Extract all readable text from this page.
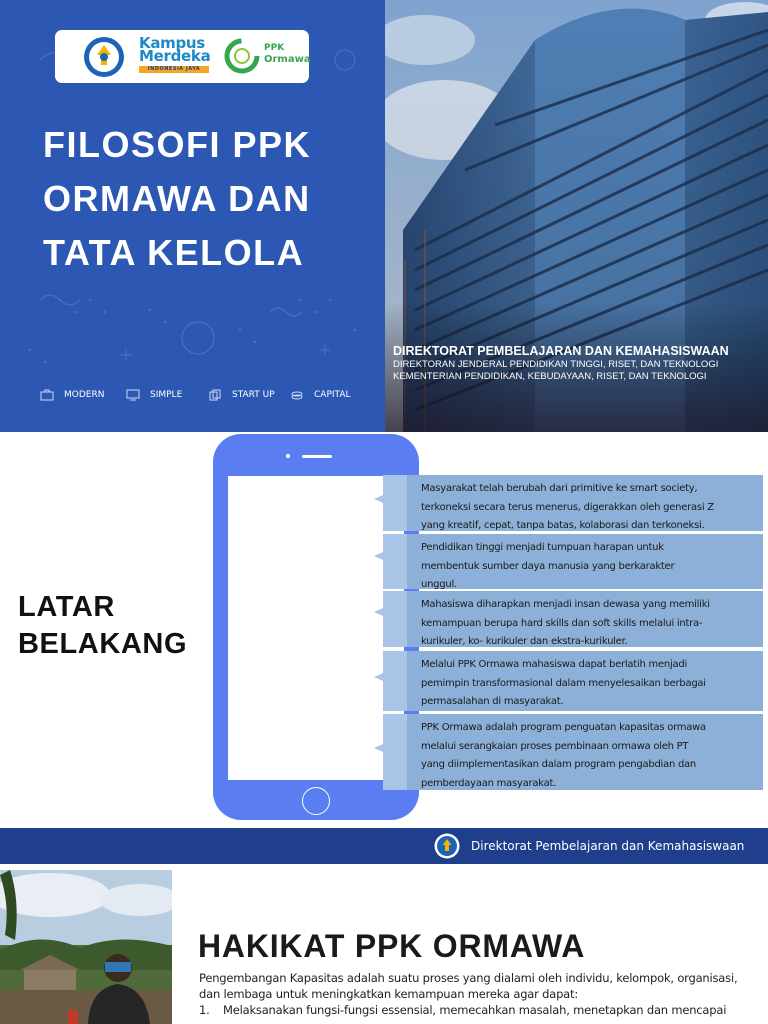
Kampus
Merdeka
INDONESIA JAYA
PPK
Ormawa
FILOSOFI PPK
ORMAWA DAN
TATA KELOLA
MODERN	SIMPLE	START UP	CAPITAL
DIREKTORAT PEMBELAJARAN DAN KEMAHASISWAAN
DIREKTORAN JENDERAL PENDIDIKAN TINGGI, RISET, DAN TEKNOLOGI
KEMENTERIAN PENDIDIKAN, KEBUDAYAAN, RISET, DAN TEKNOLOGI
LATAR
BELAKANG
Masyarakat telah berubah dari primitive ke smart society,
terkoneksi secara terus menerus, digerakkan oleh generasi Z
yang kreatif, cepat, tanpa batas, kolaborasi dan terkoneksi.
Pendidikan tinggi menjadi tumpuan harapan untuk
membentuk sumber daya manusia yang berkarakter
unggul.
Mahasiswa diharapkan menjadi insan dewasa yang memiliki
kemampuan berupa hard skills dan soft skills melalui intra-
kurikuler, ko- kurikuler dan ekstra-kurikuler.
Melalui PPK Ormawa mahasiswa dapat berlatih menjadi
pemimpin transformasional dalam menyelesaikan berbagai
permasalahan di masyarakat.
PPK Ormawa adalah program penguatan kapasitas ormawa
melalui serangkaian proses pembinaan ormawa oleh PT
yang diimplementasikan dalam program pengabdian dan
pemberdayaan masyarakat.
Direktorat Pembelajaran dan Kemahasiswaan
HAKIKAT PPK ORMAWA

Pengembangan Kapasitas adalah suatu proses yang dialami oleh individu, kelompok, organisasi,

dan lembaga untuk meningkatkan kemampuan mereka agar dapat:

1. Melaksanakan fungsi-fungsi essensial, memecahkan masalah, menetapkan dan mencapai
